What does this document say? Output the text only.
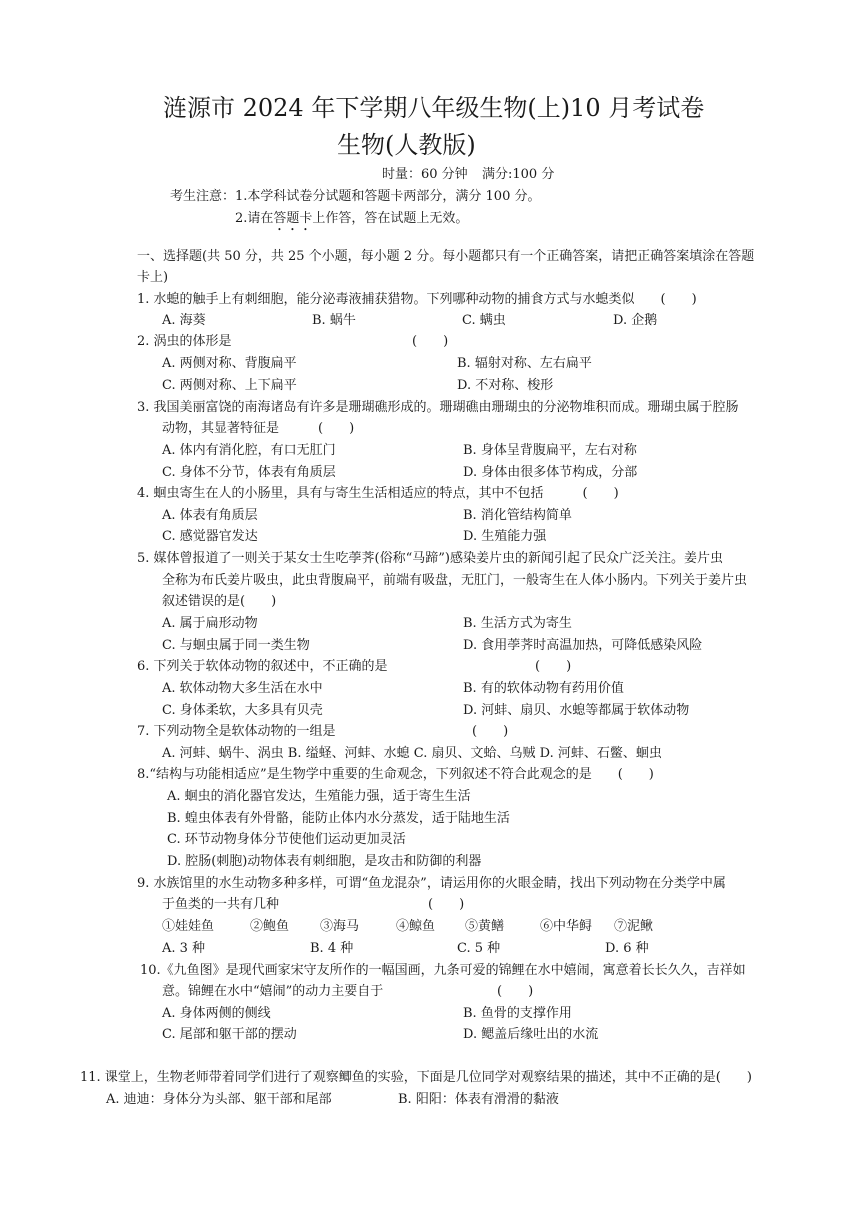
涟源市 2024 年下学期八年级生物(上)10 月考试卷
生物(人教版)
时量：60 分钟 满分:100 分
考生注意： 1.本学科试卷分试题和答题卡两部分，满分 100 分。
2.请在答题卡上作答，答在试题上无效。
一、选择题(共 50 分，共 25 个小题，每小题 2 分。每小题都只有一个正确答案，请把正确答案填涂在答题
卡上)
1. 水螅的触手上有刺细胞，能分泌毒液捕获猎物。下列哪种动物的捕食方式与水螅类似　　(　　)
A. 海葵	B. 蜗牛	C. 螨虫	D. 企鹅
2. 涡虫的体形是	(　　)
A. 两侧对称、背腹扁平	B. 辐射对称、左右扁平
C. 两侧对称、上下扁平	D. 不对称、梭形
3. 我国美丽富饶的南海诸岛有许多是珊瑚礁形成的。珊瑚礁由珊瑚虫的分泌物堆积而成。珊瑚虫属于腔肠
动物，其显著特征是　　　(　　)
A. 体内有消化腔，有口无肛门	B. 身体呈背腹扁平，左右对称
C. 身体不分节，体表有角质层	D. 身体由很多体节构成，分部
4. 蛔虫寄生在人的小肠里，具有与寄生生活相适应的特点，其中不包括　　　(　　)
A. 体表有角质层	B. 消化管结构简单
C. 感觉器官发达	D. 生殖能力强
5. 媒体曾报道了一则关于某女士生吃荸荠(俗称“马蹄”)感染姜片虫的新闻引起了民众广泛关注。姜片虫
全称为布氏姜片吸虫，此虫背腹扁平，前端有吸盘，无肛门，一般寄生在人体小肠内。下列关于姜片虫
叙述错误的是(　　)
A. 属于扁形动物	B. 生活方式为寄生
C. 与蛔虫属于同一类生物	D. 食用荸荠时高温加热，可降低感染风险
6. 下列关于软体动物的叙述中，不正确的是	(　　)
A. 软体动物大多生活在水中	B. 有的软体动物有药用价值
C. 身体柔软，大多具有贝壳	D. 河蚌、扇贝、水螅等都属于软体动物
7. 下列动物全是软体动物的一组是	(　　)
A. 河蚌、蜗牛、涡虫 B. 缢蛏、河蚌、水螅 C. 扇贝、文蛤、乌贼 D. 河蚌、石鳖、蛔虫
8.“结构与功能相适应”是生物学中重要的生命观念，下列叙述不符合此观念的是　　(　　)
A. 蛔虫的消化器官发达，生殖能力强，适于寄生生活
B. 蝗虫体表有外骨骼，能防止体内水分蒸发，适于陆地生活
C. 环节动物身体分节使他们运动更加灵活
D. 腔肠(刺胞)动物体表有刺细胞，是攻击和防御的利器
9. 水族馆里的水生动物多种多样，可谓“鱼龙混杂”，请运用你的火眼金睛，找出下列动物在分类学中属
于鱼类的一共有几种	(　　)
①娃娃鱼	②鲍鱼 ③海马	④鲸鱼 ⑤黄鳝	⑥中华鲟 ⑦泥鳅
A. 3 种	B. 4 种	C. 5 种	D. 6 种
10.《九鱼图》是现代画家宋守友所作的一幅国画，九条可爱的锦鲤在水中嬉闹，寓意着长长久久，吉祥如
意。锦鲤在水中“嬉闹”的动力主要自于	(　　)
A. 身体两侧的侧线	B. 鱼骨的支撑作用
C. 尾部和躯干部的摆动	D. 鳃盖后缘吐出的水流
11. 课堂上，生物老师带着同学们进行了观察鲫鱼的实验，下面是几位同学对观察结果的描述，其中不正确的是(　　)
A. 迪迪：身体分为头部、躯干部和尾部	B. 阳阳：体表有滑滑的黏液
